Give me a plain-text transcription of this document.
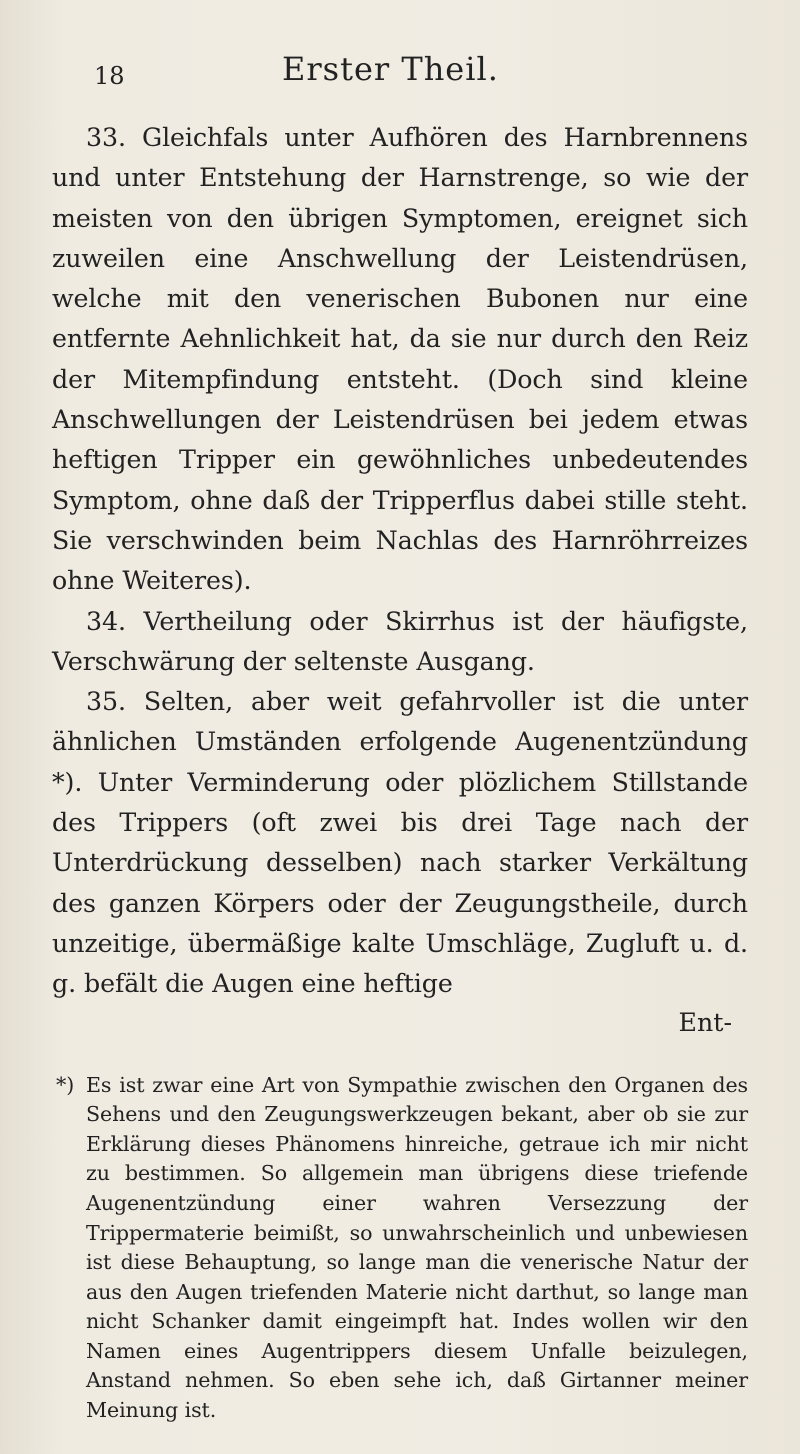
18	Erster Theil.

33. Gleichfals unter Aufhören des Harnbrennens und unter Entstehung der Harnstrenge, so wie der meisten von den übrigen Symptomen, ereignet sich zuweilen eine Anschwellung der Leistendrüsen, welche mit den venerischen Bubonen nur eine entfernte Aehnlichkeit hat, da sie nur durch den Reiz der Mitempfindung entsteht. (Doch sind kleine Anschwellungen der Leistendrüsen bei jedem etwas heftigen Tripper ein gewöhnliches unbedeutendes Symptom, ohne daß der Tripperflus dabei stille steht. Sie verschwinden beim Nachlas des Harnröhrreizes ohne Weiteres).

34. Vertheilung oder Skirrhus ist der häufigste, Verschwärung der seltenste Ausgang.

35. Selten, aber weit gefahrvoller ist die unter ähnlichen Umständen erfolgende Augenentzündung *). Unter Verminderung oder plözlichem Stillstande des Trippers (oft zwei bis drei Tage nach der Unterdrückung desselben) nach starker Verkältung des ganzen Körpers oder der Zeugungstheile, durch unzeitige, übermäßige kalte Umschläge, Zugluft u. d. g. befält die Augen eine heftige

Ent-
*) Es ist zwar eine Art von Sympathie zwischen den Organen des Sehens und den Zeugungswerkzeugen bekant, aber ob sie zur Erklärung dieses Phänomens hinreiche, getraue ich mir nicht zu bestimmen. So allgemein man übrigens diese triefende Augenentzündung einer wahren Versezzung der Trippermaterie beimißt, so unwahrscheinlich und unbewiesen ist diese Behauptung, so lange man die venerische Natur der aus den Augen triefenden Materie nicht darthut, so lange man nicht Schanker damit eingeimpft hat. Indes wollen wir den Namen eines Augentrippers diesem Unfalle beizulegen, Anstand nehmen. So eben sehe ich, daß Girtanner meiner Meinung ist.
